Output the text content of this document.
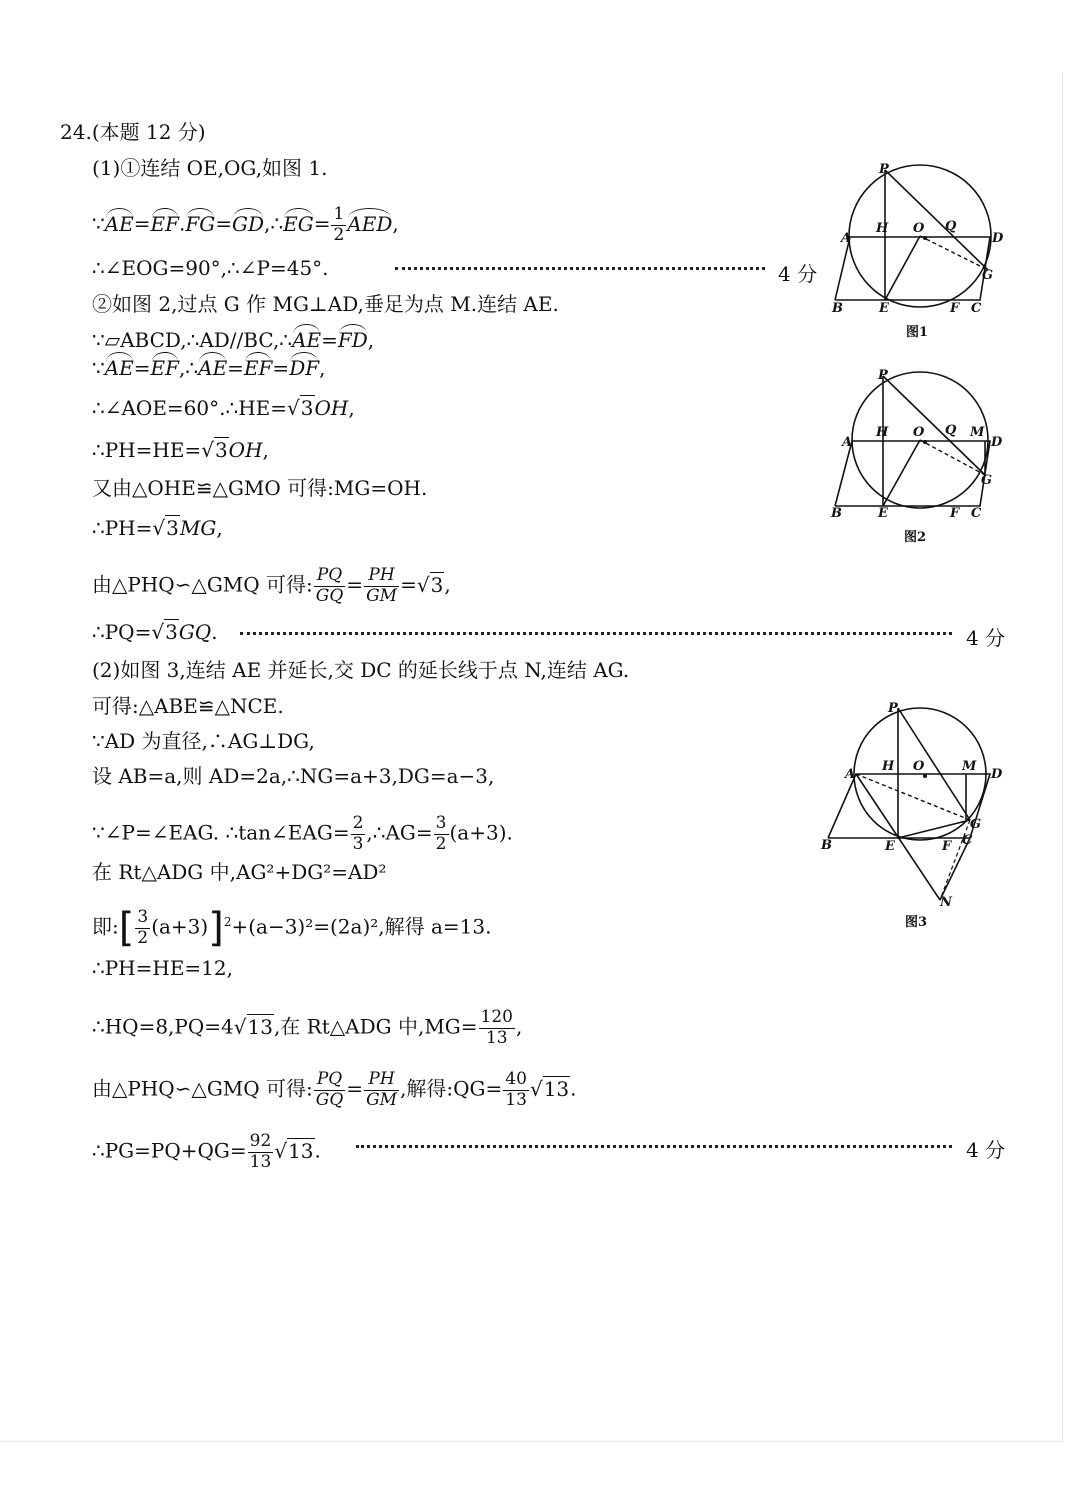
24.(本题 12 分)
(1)①连结 OE,OG,如图 1.
∵AE=EF.FG=GD,∴EG= $\frac{1}{2}$ AED,
∴∠EOG=90°,∴∠P=45°.	4 分
②如图 2,过点 G 作 MG⊥AD,垂足为点 M.连结 AE.
∵▱ABCD,∴AD//BC,∴AE=FD,
∵AE=EF,∴AE=EF=DF,
∴∠AOE=60°.∴HE=√3OH,
∴PH=HE=√3OH,
又由△OHE≌△GMO 可得:MG=OH.
∴PH=√3MG,
由△PHQ∽△GMQ 可得: $\frac{PQ}{GQ} = \frac{PH}{GM} =√3$,
∴PQ=√3GQ.	4 分
(2)如图 3,连结 AE 并延长,交 DC 的延长线于点 N,连结 AG.
可得:△ABE≌△NCE.
∵AD 为直径,∴AG⊥DG,
设 AB=a,则 AD=2a,∴NG=a+3,DG=a−3,
∵∠P=∠EAG. ∴tan∠EAG= $\frac{2}{3}$ ,∴AG= $\frac{3}{2} (a+3)$.
在 Rt△ADG 中,AG²+DG²=AD²
即:[ $\frac{3}{2} (a+3)]^2+(a-3)^2=(2a)^2$,解得 a=13.
∴PH=HE=12,
∴HQ=8,PQ=4√13,在 Rt△ADG 中$,MG= \frac{120}{13}$ ,
由△PHQ∽△GMQ 可得: $\frac{PQ}{GQ} = \frac{PH}{GM}$ ,解得:QG= $\frac{40}{13} √13$.
∴PG=PQ+QG= $\frac{92}{13} √13$.	4 分
P
A
H O Q
D
G
B	E	F C
图1
P
A
H O Q M
D
G
B	E	F C
图2
P
A
H O	M
D
G
B	E	F C
N
图3
